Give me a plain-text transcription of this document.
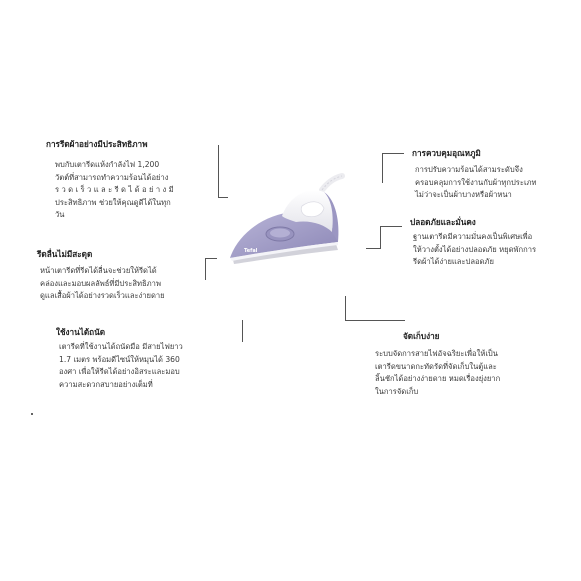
การรีดผ้าอย่างมีประสิทธิภาพ
พบกับเตารีดแห้งกำลังไฟ 1,200
วัตต์ที่สามารถทำความร้อนได้อย่าง
ร ว ด เ ร็ ว แ ล ะ รี ด ไ ด้ อ ย่ า ง มี
ประสิทธิภาพ ช่วยให้คุณดูดีได้ในทุก
วัน
รีดลื่นไม่มีสะดุด
หน้าเตารีดที่รีดได้ลื่นจะช่วยให้รีดได้
คล่องและมอบผลลัพธ์ที่มีประสิทธิภาพ
ดูแลเสื้อผ้าได้อย่างรวดเร็วและง่ายดาย
ใช้งานได้ถนัด
เตารีดที่ใช้งานได้ถนัดมือ มีสายไฟยาว
1.7 เมตร พร้อมดีไซน์ให้หมุนได้ 360
องศา เพื่อให้รีดได้อย่างอิสระและมอบ
ความสะดวกสบายอย่างเต็มที่
การควบคุมอุณหภูมิ
การปรับความร้อนได้สามระดับจึง
ครอบคลุมการใช้งานกับผ้าทุกประเภท
ไม่ว่าจะเป็นผ้าบางหรือผ้าหนา
ปลอดภัยและมั่นคง
ฐานเตารีดมีความมั่นคงเป็นพิเศษเพื่อ
ให้วางตั้งได้อย่างปลอดภัย หยุดพักการ
รีดผ้าได้ง่ายและปลอดภัย
จัดเก็บง่าย
ระบบจัดการสายไฟอัจฉริยะเพื่อให้เป็น
เตารีดขนาดกะทัดรัดที่จัดเก็บในตู้และ
ลิ้นชักได้อย่างง่ายดาย หมดเรื่องยุ่งยาก
ในการจัดเก็บ
Tefal
